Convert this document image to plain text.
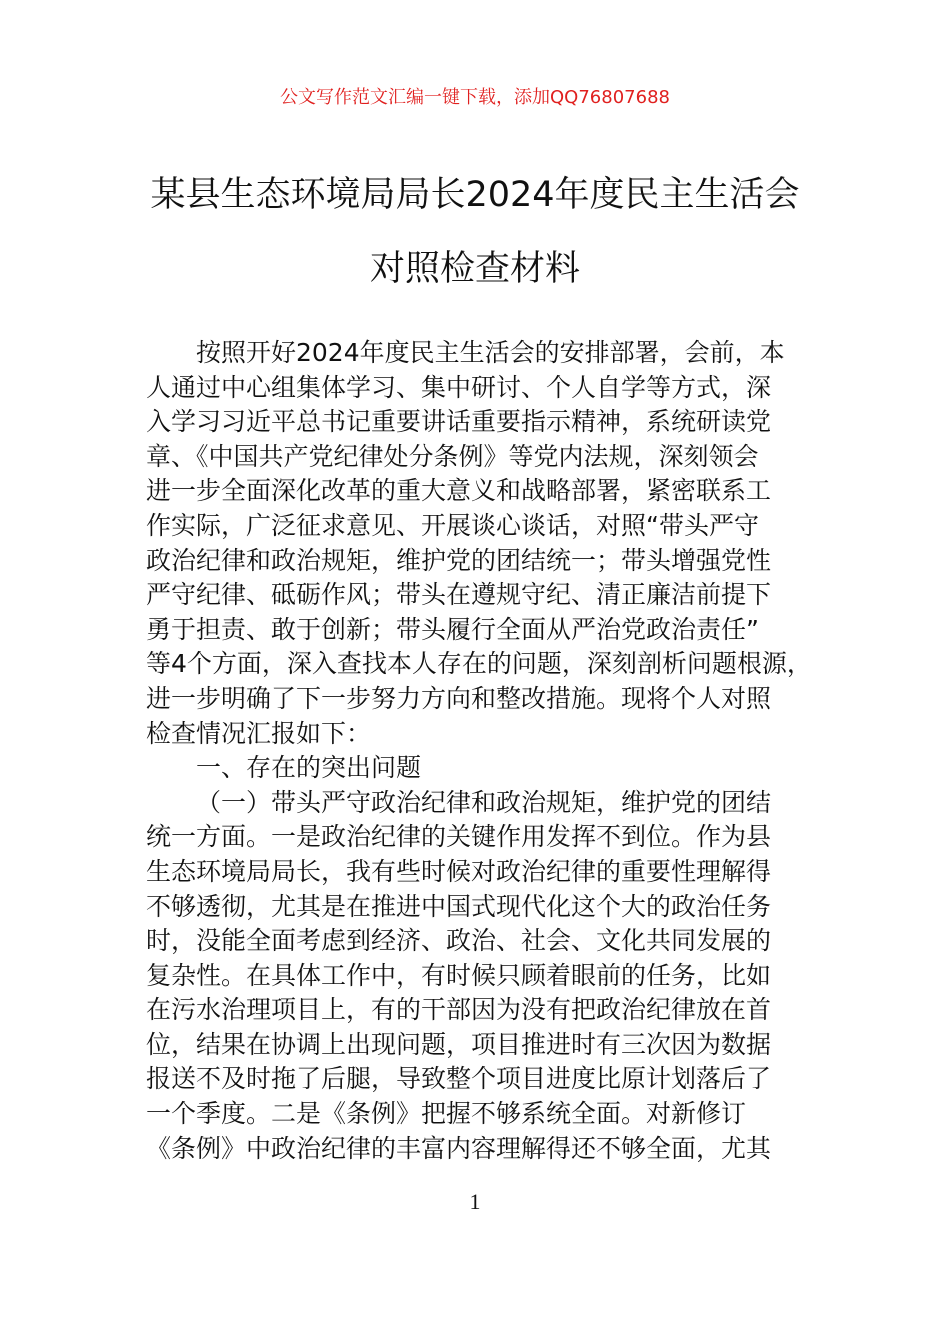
公文写作范文汇编一键下载，添加QQ76807688
某县生态环境局局长2024年度民主生活会
对照检查材料
按照开好2024年度民主生活会的安排部署，会前，本
人通过中心组集体学习、集中研讨、个人自学等方式，深
入学习习近平总书记重要讲话重要指示精神，系统研读党
章、《中国共产党纪律处分条例》等党内法规，深刻领会
进一步全面深化改革的重大意义和战略部署，紧密联系工
作实际，广泛征求意见、开展谈心谈话，对照“带头严守
政治纪律和政治规矩，维护党的团结统一；带头增强党性
严守纪律、砥砺作风；带头在遵规守纪、清正廉洁前提下
勇于担责、敢于创新；带头履行全面从严治党政治责任”
等4个方面，深入查找本人存在的问题，深刻剖析问题根源，
进一步明确了下一步努力方向和整改措施。现将个人对照
检查情况汇报如下：
一、存在的突出问题
（一）带头严守政治纪律和政治规矩，维护党的团结
统一方面。一是政治纪律的关键作用发挥不到位。作为县
生态环境局局长，我有些时候对政治纪律的重要性理解得
不够透彻，尤其是在推进中国式现代化这个大的政治任务
时，没能全面考虑到经济、政治、社会、文化共同发展的
复杂性。在具体工作中，有时候只顾着眼前的任务，比如
在污水治理项目上，有的干部因为没有把政治纪律放在首
位，结果在协调上出现问题，项目推进时有三次因为数据
报送不及时拖了后腿，导致整个项目进度比原计划落后了
一个季度。二是《条例》把握不够系统全面。对新修订
《条例》中政治纪律的丰富内容理解得还不够全面，尤其
1
